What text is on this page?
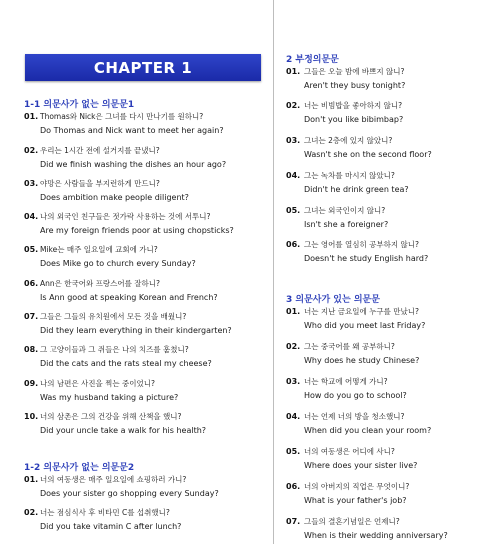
CHAPTER 1
1-1 의문사가 없는 의문문1
01. Thomas와 Nick은 그녀를 다시 만나기를 원하니?
Do Thomas and Nick want to meet her again?
02. 우리는 1시간 전에 설거지를 끝냈니?
Did we finish washing the dishes an hour ago?
03. 야망은 사람들을 부지런하게 만드니?
Does ambition make people diligent?
04. 나의 외국인 친구들은 젓가락 사용하는 것에 서투니?
Are my foreign friends poor at using chopsticks?
05. Mike는 매주 일요일에 교회에 가니?
Does Mike go to church every Sunday?
06. Ann은 한국어와 프랑스어를 잘하니?
Is Ann good at speaking Korean and French?
07. 그들은 그들의 유치원에서 모든 것을 배웠니?
Did they learn everything in their kindergarten?
08. 그 고양이들과 그 쥐들은 나의 치즈를 훔쳤니?
Did the cats and the rats steal my cheese?
09. 나의 남편은 사진을 찍는 중이었니?
Was my husband taking a picture?
10. 너의 삼촌은 그의 건강을 위해 산책을 했니?
Did your uncle take a walk for his health?
1-2 의문사가 없는 의문문2
01. 너의 여동생은 매주 일요일에 쇼핑하러 가니?
Does your sister go shopping every Sunday?
02. 너는 점심식사 후 비타민 C를 섭취했니?
Did you take vitamin C after lunch?
2 부정의문문
01. 그들은 오늘 밤에 바쁘지 않니?
Aren't they busy tonight?
02. 너는 비빔밥을 좋아하지 않니?
Don't you like bibimbap?
03. 그녀는 2층에 있지 않았니?
Wasn't she on the second floor?
04. 그는 녹차를 마시지 않았니?
Didn't he drink green tea?
05. 그녀는 외국인이지 않니?
Isn't she a foreigner?
06. 그는 영어를 열심히 공부하지 않니?
Doesn't he study English hard?
3 의문사가 있는 의문문
01. 너는 지난 금요일에 누구를 만났니?
Who did you meet last Friday?
02. 그는 중국어를 왜 공부하니?
Why does he study Chinese?
03. 너는 학교에 어떻게 가니?
How do you go to school?
04. 너는 언제 너의 방을 청소했니?
When did you clean your room?
05. 너의 여동생은 어디에 사니?
Where does your sister live?
06. 너의 아버지의 직업은 무엇이니?
What is your father's job?
07. 그들의 결혼기념일은 언제니?
When is their wedding anniversary?
